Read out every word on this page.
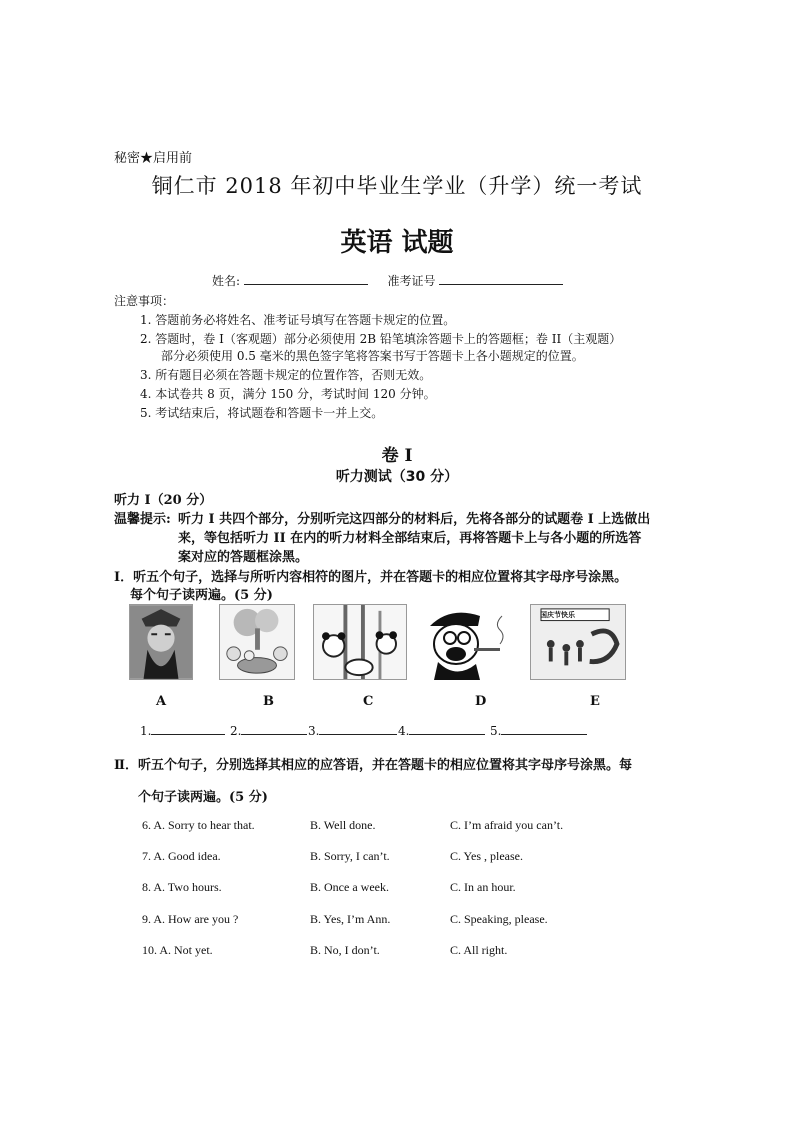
秘密★启用前
铜仁市 2018 年初中毕业生学业（升学）统一考试
英语 试题
姓名:	准考证号
注意事项：
1. 答题前务必将姓名、准考证号填写在答题卡规定的位置。
2. 答题时，卷 I（客观题）部分必须使用 2B 铅笔填涂答题卡上的答题框；卷 II（主观题）
部分必须使用 0.5 毫米的黑色签字笔将答案书写于答题卡上各小题规定的位置。
3. 所有题目必须在答题卡规定的位置作答，否则无效。
4. 本试卷共 8 页，满分 150 分，考试时间 120 分钟。
5. 考试结束后，将试题卷和答题卡一并上交。
卷 I
听力测试（30 分）
听力 I（20 分）
温馨提示: 听力 I 共四个部分，分别听完这四部分的材料后，先将各部分的试题卷 I 上选做出
来，等包括听力 II 在内的听力材料全部结束后，再将答题卡上与各小题的所选答
案对应的答题框涂黑。
Ⅰ．听五个句子，选择与所听内容相符的图片，并在答题卡的相应位置将其字母序号涂黑。
每个句子读两遍。(5 分)
国庆节快乐
A	B	C	D	E
1.	2.	3.	4.	5.
Ⅱ．听五个句子，分别选择其相应的应答语，并在答题卡的相应位置将其字母序号涂黑。每
个句子读两遍。(5 分)
6. A. Sorry to hear that.	B. Well done.	C. I’m afraid you can’t.
7. A. Good idea.	B. Sorry, I can’t.	C. Yes , please.
8. A. Two hours.	B. Once a week.	C. In an hour.
9. A. How are you ?	B. Yes, I’m Ann.	C. Speaking, please.
10. A. Not yet.	B. No, I don’t.	C. All right.
